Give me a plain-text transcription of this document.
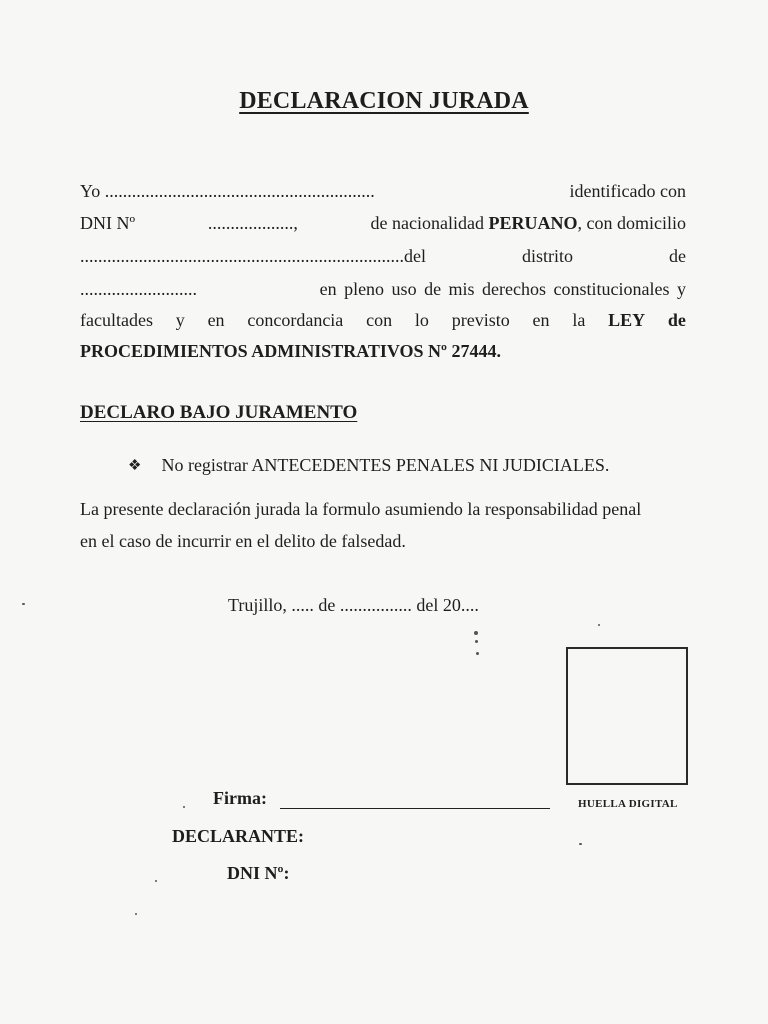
DECLARACION JURADA
Yo ............................................................	identificado con
DNI Nº	...................,	de nacionalidad PERUANO, con domicilio
........................................................................del	distrito	de
..........................	en pleno uso de mis derechos constitucionales y
facultades y en concordancia con lo previsto en la LEY de
PROCEDIMIENTOS ADMINISTRATIVOS Nº 27444.
DECLARO BAJO JURAMENTO
❖ No registrar ANTECEDENTES PENALES NI JUDICIALES.
La presente declaración jurada la formulo asumiendo la responsabilidad penal
en el caso de incurrir en el delito de falsedad.
Trujillo, ..... de ................ del 20....
HUELLA DIGITAL
Firma:
DECLARANTE:
DNI Nº:
